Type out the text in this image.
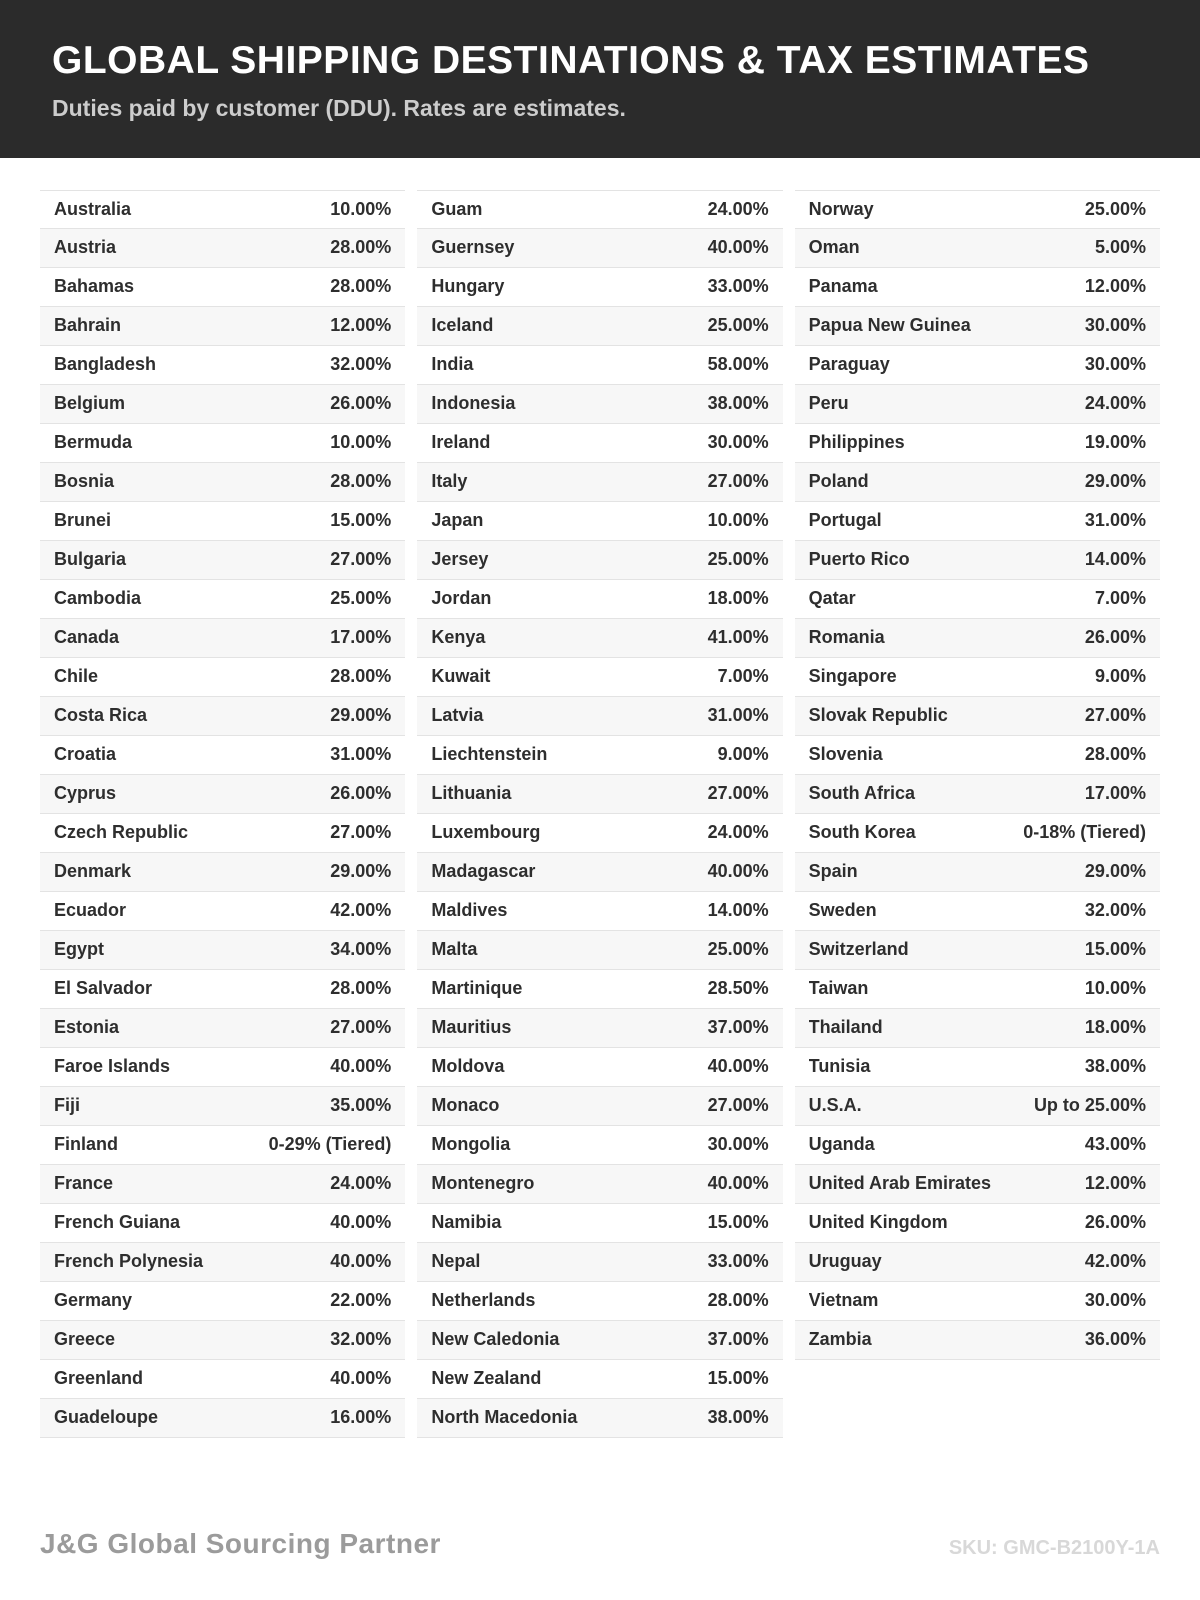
GLOBAL SHIPPING DESTINATIONS & TAX ESTIMATES

Duties paid by customer (DDU). Rates are estimates.

Australia	10.00%
Austria	28.00%
Bahamas	28.00%
Bahrain	12.00%
Bangladesh	32.00%
Belgium	26.00%
Bermuda	10.00%
Bosnia	28.00%
Brunei	15.00%
Bulgaria	27.00%
Cambodia	25.00%
Canada	17.00%
Chile	28.00%
Costa Rica	29.00%
Croatia	31.00%
Cyprus	26.00%
Czech Republic	27.00%
Denmark	29.00%
Ecuador	42.00%
Egypt	34.00%
El Salvador	28.00%
Estonia	27.00%
Faroe Islands	40.00%
Fiji	35.00%
Finland	0-29% (Tiered)
France	24.00%
French Guiana	40.00%
French Polynesia	40.00%
Germany	22.00%
Greece	32.00%
Greenland	40.00%
Guadeloupe	16.00%
Guam	24.00%
Guernsey	40.00%
Hungary	33.00%
Iceland	25.00%
India	58.00%
Indonesia	38.00%
Ireland	30.00%
Italy	27.00%
Japan	10.00%
Jersey	25.00%
Jordan	18.00%
Kenya	41.00%
Kuwait	7.00%
Latvia	31.00%
Liechtenstein	9.00%
Lithuania	27.00%
Luxembourg	24.00%
Madagascar	40.00%
Maldives	14.00%
Malta	25.00%
Martinique	28.50%
Mauritius	37.00%
Moldova	40.00%
Monaco	27.00%
Mongolia	30.00%
Montenegro	40.00%
Namibia	15.00%
Nepal	33.00%
Netherlands	28.00%
New Caledonia	37.00%
New Zealand	15.00%
North Macedonia	38.00%
Norway	25.00%
Oman	5.00%
Panama	12.00%
Papua New Guinea	30.00%
Paraguay	30.00%
Peru	24.00%
Philippines	19.00%
Poland	29.00%
Portugal	31.00%
Puerto Rico	14.00%
Qatar	7.00%
Romania	26.00%
Singapore	9.00%
Slovak Republic	27.00%
Slovenia	28.00%
South Africa	17.00%
South Korea	0-18% (Tiered)
Spain	29.00%
Sweden	32.00%
Switzerland	15.00%
Taiwan	10.00%
Thailand	18.00%
Tunisia	38.00%
U.S.A.	Up to 25.00%
Uganda	43.00%
United Arab Emirates	12.00%
United Kingdom	26.00%
Uruguay	42.00%
Vietnam	30.00%
Zambia	36.00%
J&G Global Sourcing Partner	SKU: GMC-B2100Y-1A
